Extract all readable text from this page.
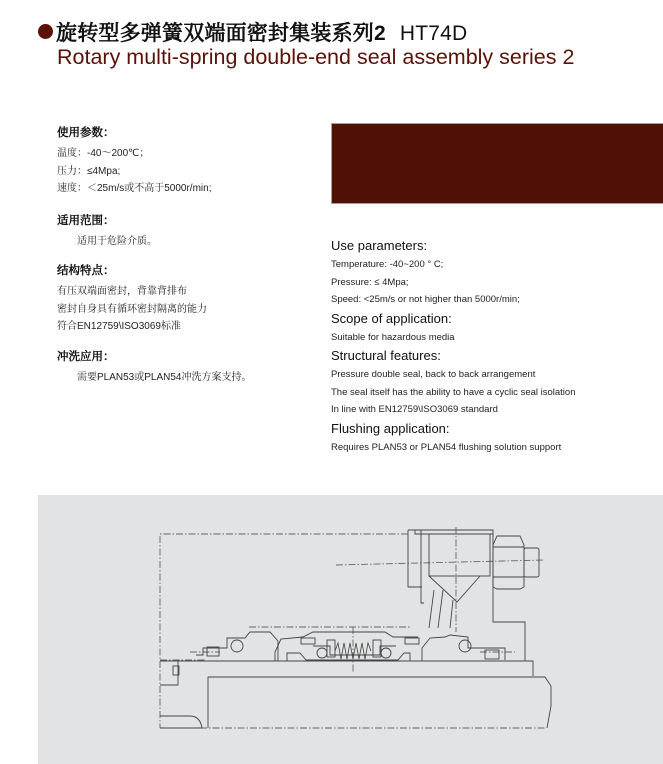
旋转型多弹簧双端面密封集装系列2 HT74D
Rotary multi-spring double-end seal assembly series 2
使用参数：
温度：-40～200℃；
压力：≤4Mpa;
速度：＜25m/s或不高于5000r/min;
适用范围：
适用于危险介质。
结构特点：
有压双端面密封，背靠背排布
密封自身具有循环密封隔离的能力
符合EN12759\ISO3069标准
冲洗应用：
需要PLAN53或PLAN54冲洗方案支持。
Use parameters:
Temperature: -40~200 ° C;
Pressure: ≤ 4Mpa;
Speed: <25m/s or not higher than 5000r/min;
Scope of application:
Suitable for hazardous media
Structural features:
Pressure double seal, back to back arrangement
The seal itself has the ability to have a cyclic seal isolation
In line with EN12759\ISO3069 standard
Flushing application:
Requires PLAN53 or PLAN54 flushing solution support
